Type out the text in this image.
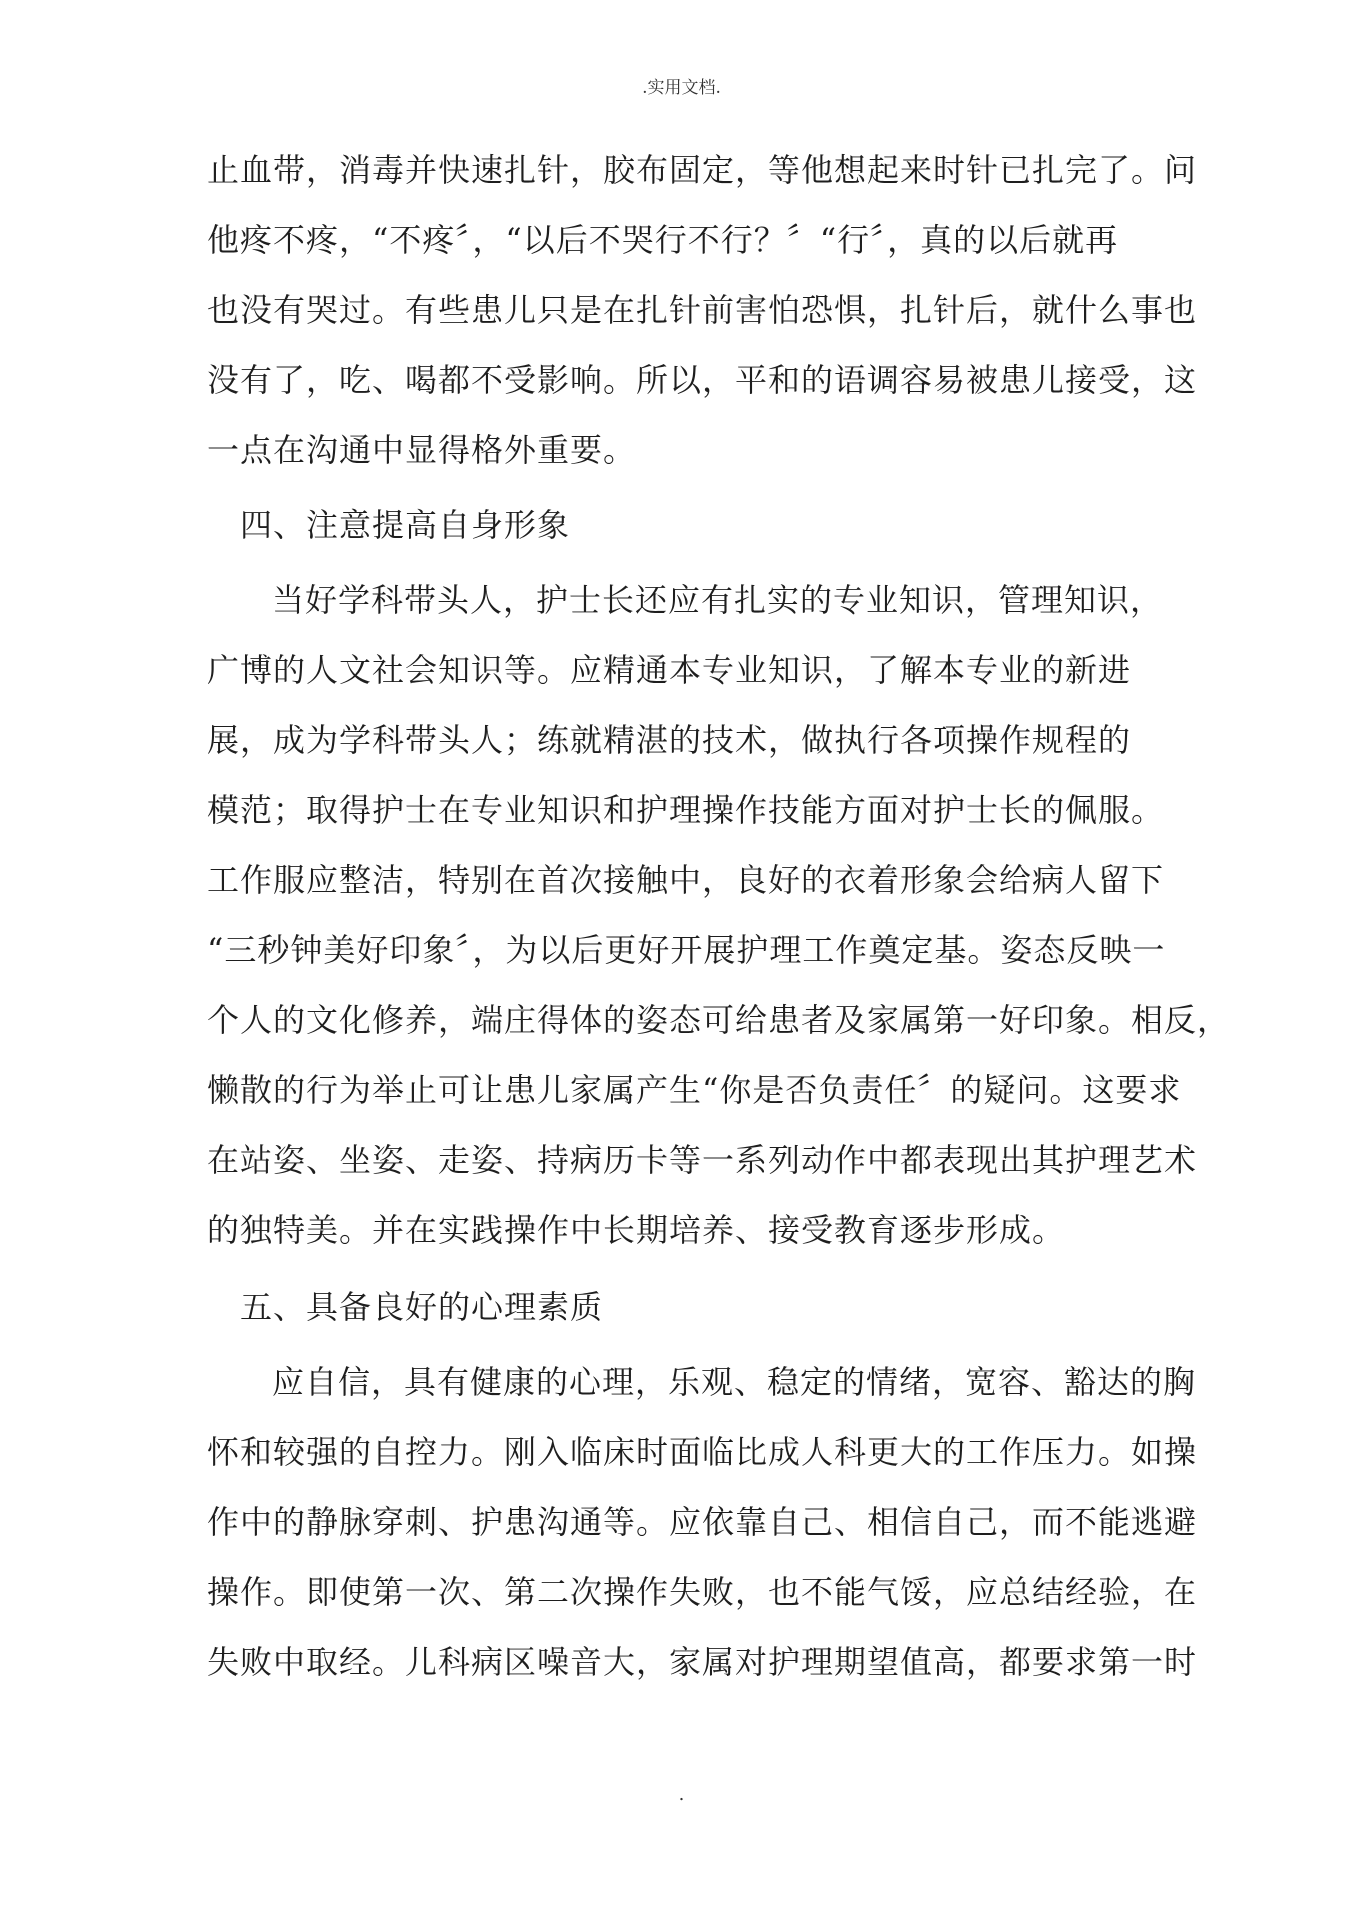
.实用文档.
止血带，消毒并快速扎针，胶布固定，等他想起来时针已扎完了。问
他疼不疼，“不疼〞，“以后不哭行不行？〞“行〞，真的以后就再
也没有哭过。有些患儿只是在扎针前害怕恐惧，扎针后，就什么事也
没有了，吃、喝都不受影响。所以，平和的语调容易被患儿接受，这
一点在沟通中显得格外重要。
四、注意提高自身形象
当好学科带头人，护士长还应有扎实的专业知识，管理知识，
广博的人文社会知识等。应精通本专业知识，了解本专业的新进
展，成为学科带头人；练就精湛的技术，做执行各项操作规程的
模范；取得护士在专业知识和护理操作技能方面对护士长的佩服。
工作服应整洁，特别在首次接触中，良好的衣着形象会给病人留下
“三秒钟美好印象〞，为以后更好开展护理工作奠定基。姿态反映一
个人的文化修养，端庄得体的姿态可给患者及家属第一好印象。相反，
懒散的行为举止可让患儿家属产生“你是否负责任〞的疑问。这要求
在站姿、坐姿、走姿、持病历卡等一系列动作中都表现出其护理艺术
的独特美。并在实践操作中长期培养、接受教育逐步形成。
五、具备良好的心理素质
应自信，具有健康的心理，乐观、稳定的情绪，宽容、豁达的胸
怀和较强的自控力。刚入临床时面临比成人科更大的工作压力。如操
作中的静脉穿刺、护患沟通等。应依靠自己、相信自己，而不能逃避
操作。即使第一次、第二次操作失败，也不能气馁，应总结经验，在
失败中取经。儿科病区噪音大，家属对护理期望值高，都要求第一时
.
